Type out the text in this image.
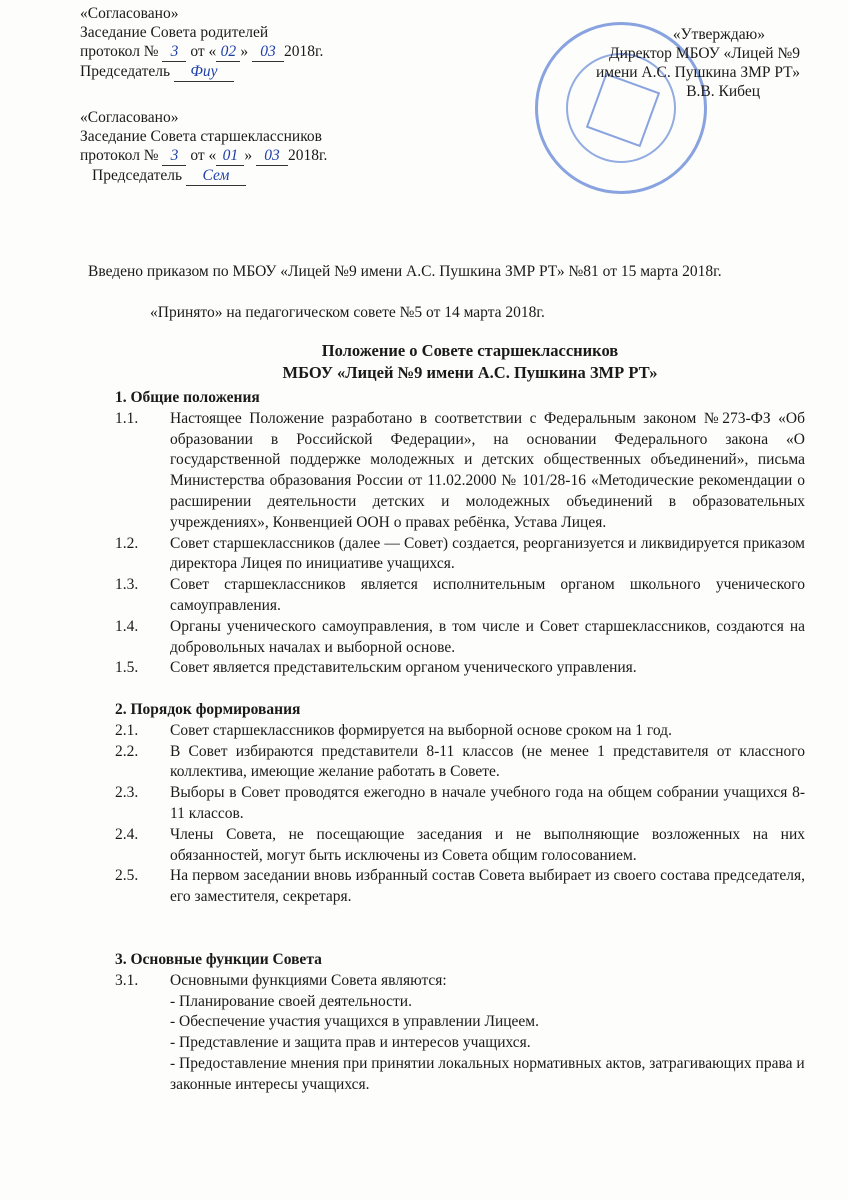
«Согласовано»
Заседание Совета родителей
протокол № 3 от « 02 » 03 2018г.
Председатель Фиу
«Согласовано»
Заседание Совета старшеклассников
протокол № 3 от « 01 » 03 2018г.
Председатель Сем
«Утверждаю»
Директор МБОУ «Лицей №9
имени А.С. Пушкина ЗМР РТ»
В.В. Кибец
Введено приказом по МБОУ «Лицей №9 имени А.С. Пушкина ЗМР РТ» №81 от 15 марта 2018г.
«Принято» на педагогическом совете №5 от 14 марта 2018г.
Положение о Совете старшеклассников
МБОУ «Лицей №9 имени А.С. Пушкина ЗМР РТ»
1. Общие положения
1.1.	Настоящее Положение разработано в соответствии с Федеральным законом №273-ФЗ «Об образовании в Российской Федерации», на основании Федерального закона «О государственной поддержке молодежных и детских общественных объединений», письма Министерства образования России от 11.02.2000 № 101/28-16 «Методические рекомендации о расширении деятельности детских и молодежных объединений в образовательных учреждениях», Конвенцией ООН о правах ребёнка, Устава Лицея.
1.2.	Совет старшеклассников (далее — Совет) создается, реорганизуется и ликвидируется приказом директора Лицея по инициативе учащихся.
1.3.	Совет старшеклассников является исполнительным органом школьного ученического самоуправления.
1.4.	Органы ученического самоуправления, в том числе и Совет старшеклассников, создаются на добровольных началах и выборной основе.
1.5.	Совет является представительским органом ученического управления.
2. Порядок формирования
2.1.	Совет старшеклассников формируется на выборной основе сроком на 1 год.
2.2.	В Совет избираются представители 8-11 классов (не менее 1 представителя от классного коллектива, имеющие желание работать в Совете.
2.3.	Выборы в Совет проводятся ежегодно в начале учебного года на общем собрании учащихся 8-11 классов.
2.4.	Члены Совета, не посещающие заседания и не выполняющие возложенных на них обязанностей, могут быть исключены из Совета общим голосованием.
2.5.	На первом заседании вновь избранный состав Совета выбирает из своего состава председателя, его заместителя, секретаря.
3. Основные функции Совета
3.1.	Основными функциями Совета являются:
- Планирование своей деятельности.
- Обеспечение участия учащихся в управлении Лицеем.
- Представление и защита прав и интересов учащихся.
- Предоставление мнения при принятии локальных нормативных актов, затрагивающих права и законные интересы учащихся.
